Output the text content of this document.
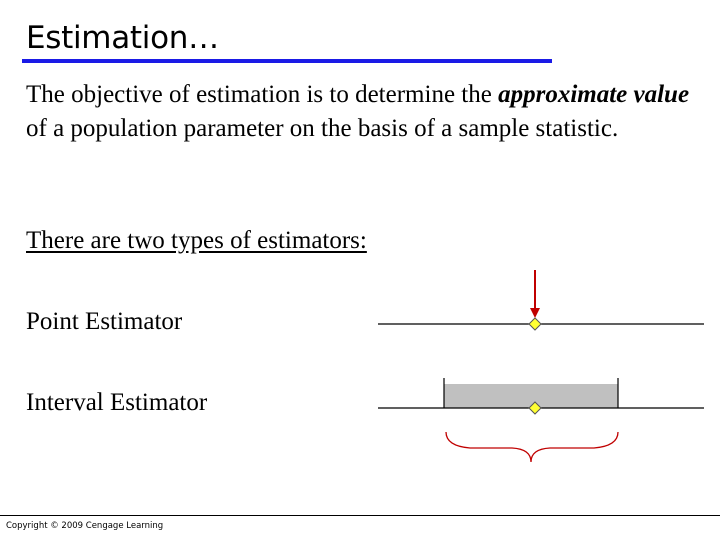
Estimation…
The objective of estimation is to determine the approximate value of a population parameter on the basis of a sample statistic.
There are two types of estimators:
Point Estimator
Interval Estimator
Copyright © 2009 Cengage Learning
